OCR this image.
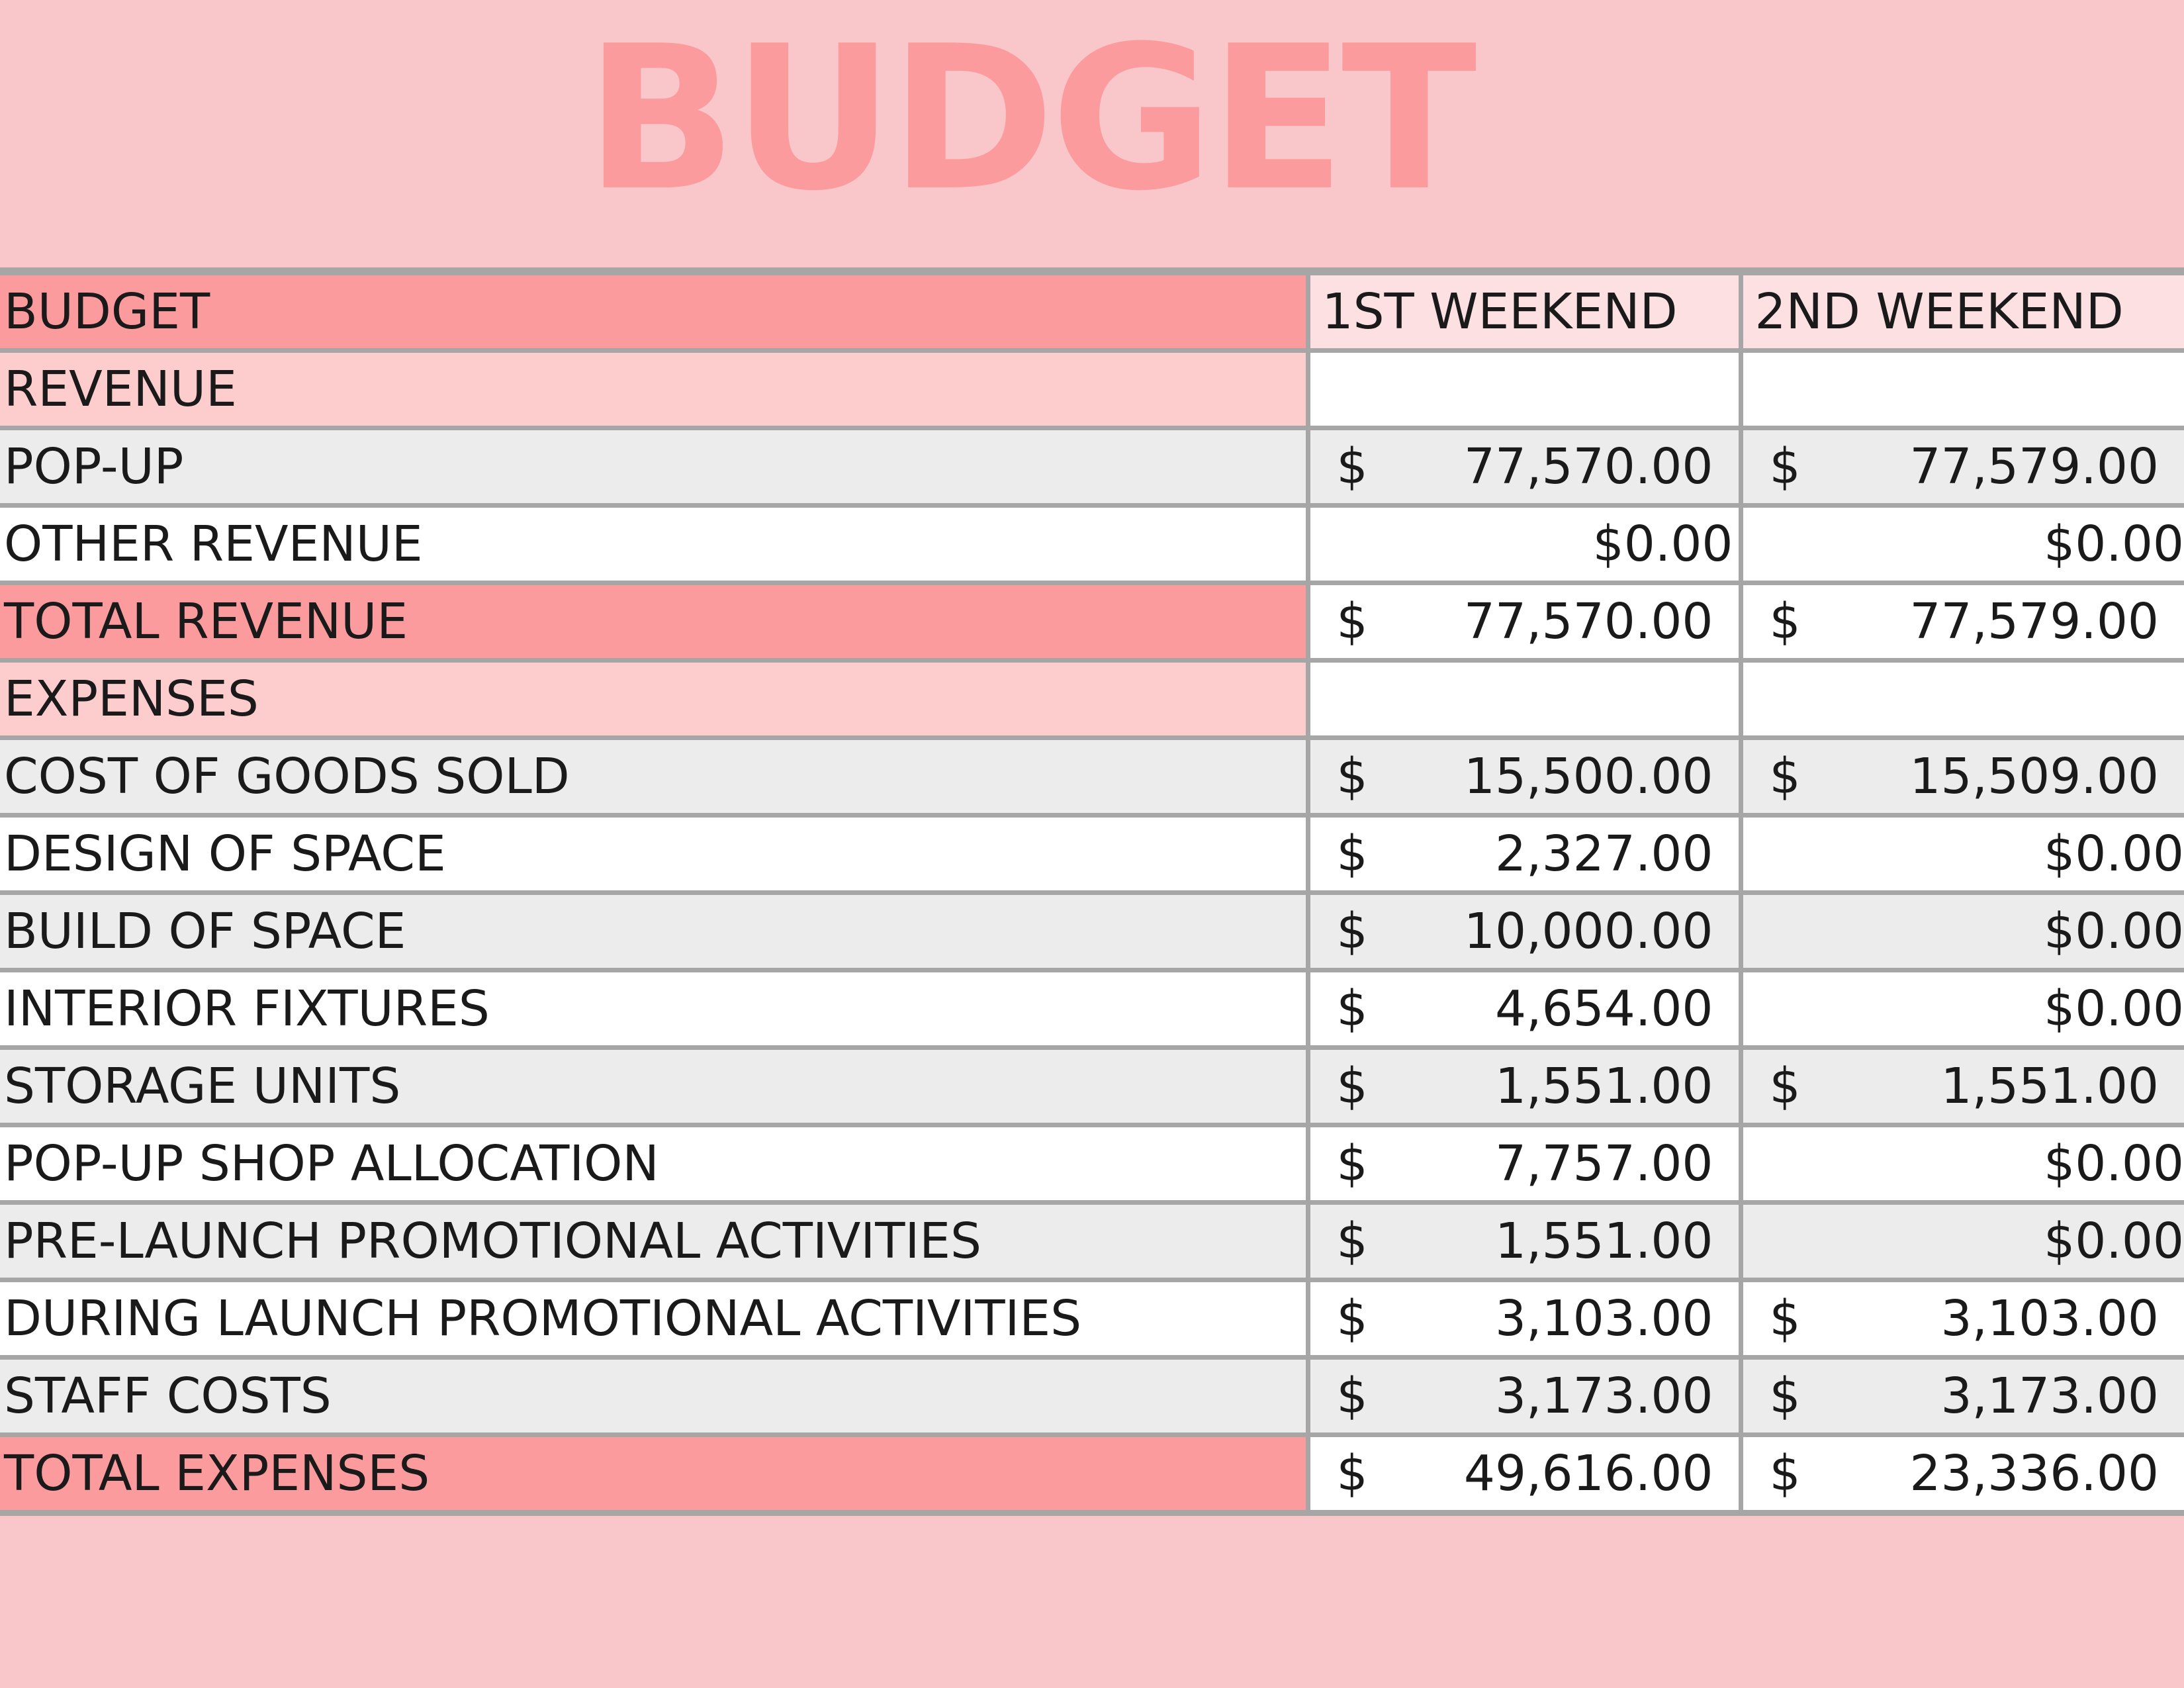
BUDGET
BUDGET	1ST WEEKEND	2ND WEEKEND
REVENUE		
POP-UP	$ 77,570.00	$ 77,579.00

OTHER REVENUE	$0.00	$0.00
TOTAL REVENUE	$ 77,570.00	$ 77,579.00

EXPENSES		
COST OF GOODS SOLD	$ 15,500.00	$ 15,509.00

DESIGN OF SPACE	$ 2,327.00	$0.00
BUILD OF SPACE	$ 10,000.00	$0.00
INTERIOR FIXTURES	$ 4,654.00	$0.00
STORAGE UNITS	$ 1,551.00	$ 1,551.00

POP-UP SHOP ALLOCATION	$ 7,757.00	$0.00
PRE-LAUNCH PROMOTIONAL ACTIVITIES	$ 1,551.00	$0.00
DURING LAUNCH PROMOTIONAL ACTIVITIES	$ 3,103.00	$ 3,103.00

STAFF COSTS	$ 3,173.00	$ 3,173.00

TOTAL EXPENSES	$ 49,616.00	$ 23,336.00
